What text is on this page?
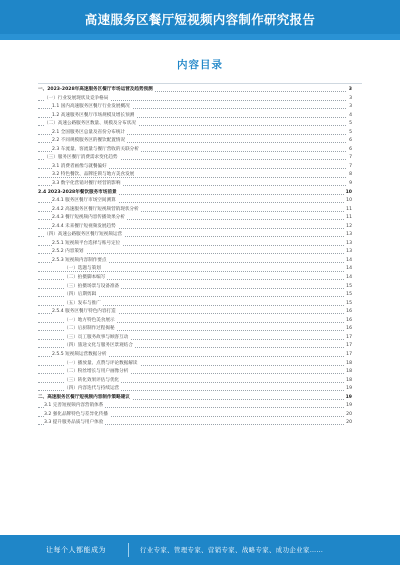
高速服务区餐厅短视频内容制作研究报告
内容目录
一、2023-2028年高速服务区餐厅市场运营及趋势预测	3
（一）行业发展现状及竞争格局	3
1.1 国内高速服务区餐厅行业发展概况	3
1.2 高速服务区餐厅市场规模及增长预测	4
（二）高速公路服务区数量、规模及分布状况	5
2.1 全国服务区总量及省份分布统计	5
2.2 不同规模服务区的餐饮配置情况	6
2.3 车流量、客流量与餐厅营收的关联分析	6
（三）服务区餐厅消费需求变化趋势	7
3.1 消费者画像与就餐偏好	7
3.2 特色餐饮、品牌连锁与地方美食发展	8
3.3 数字化营销对餐厅经营的影响	9
2.4 2023-2028年餐饮服务市场前景	10
2.4.1 服务区餐厅市场空间测算	10
2.4.2 高速服务区餐厅短视频营销现状分析	11
2.4.3 餐厅短视频内容传播效果分析	11
2.4.4 未来餐厅短视频发展趋势	12
（四）高速公路服务区餐厅短视频运营	13
2.5.1 短视频平台选择与账号定位	13
2.5.2 内容策划	13
2.5.3 短视频内容制作要点	14
（一）选题与策划	14
（二）拍摄脚本编写	14
（三）拍摄场景与设备准备	15
（四）后期剪辑	15
（五）发布与推广	15
2.5.4 服务区餐厅特色内容打造	16
（一）地方特色美食展示	16
（二）后厨制作过程揭秘	16
（三）员工服务故事与顾客互动	17
（四）旅途文化与服务区景观结合	17
2.5.5 短视频运营数据分析	17
（一）播放量、点赞与评论数据解读	18
（二）粉丝增长与用户画像分析	18
（三）转化效果评估与优化	18
（四）内容迭代与持续运营	19
二、高速服务区餐厅短视频内容制作策略建议	19
3.1 完善短视频内容营销体系	19
3.2 强化品牌特色与差异化传播	20
3.3 提升服务品质与用户体验	20
让每个人都能成为	行业专家、管理专家、营销专家、战略专家、成功企业家……
